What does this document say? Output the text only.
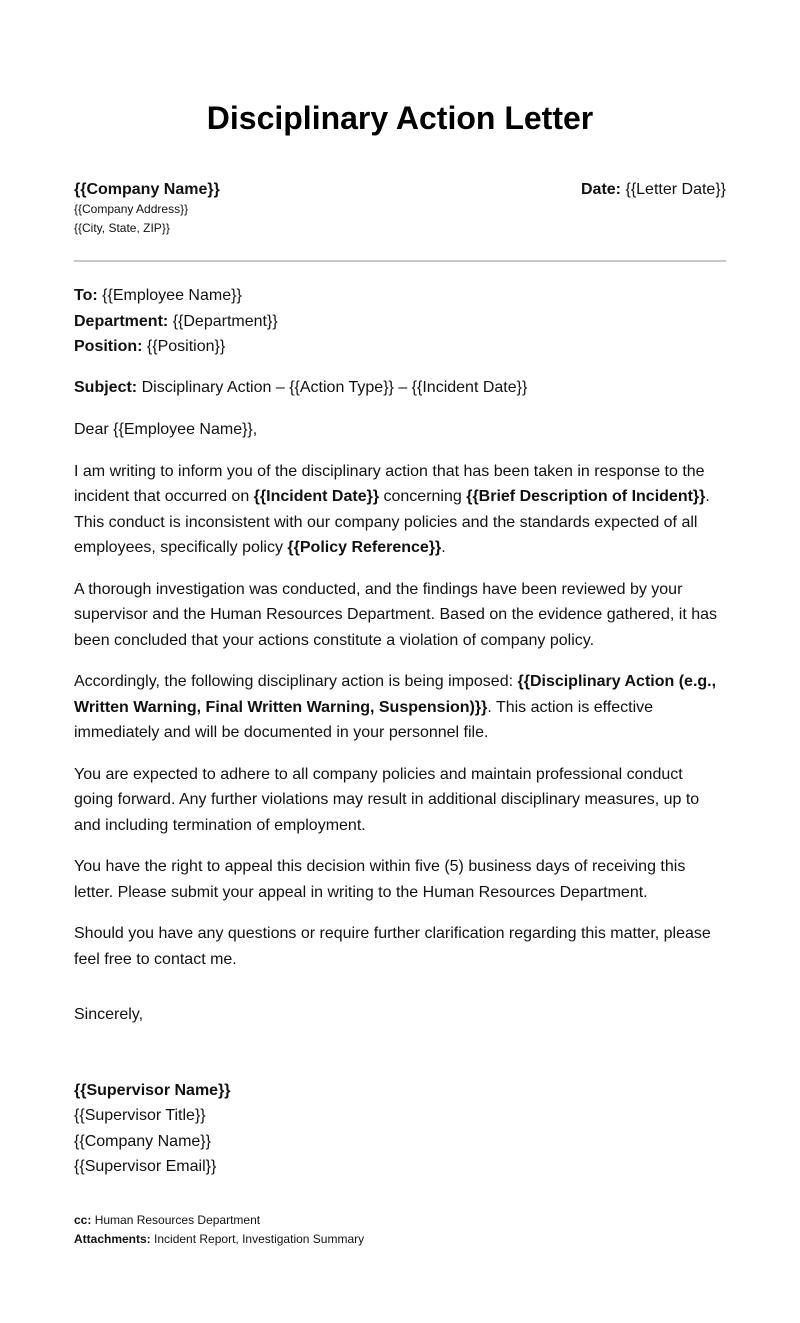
Disciplinary Action Letter
{{Company Name}}
{{Company Address}}
{{City, State, ZIP}}
Date: {{Letter Date}}

To: {{Employee Name}}

Department: {{Department}}

Position: {{Position}}

Subject: Disciplinary Action – {{Action Type}} – {{Incident Date}}

Dear {{Employee Name}},

I am writing to inform you of the disciplinary action that has been taken in response to the incident that occurred on {{Incident Date}} concerning {{Brief Description of Incident}}. This conduct is inconsistent with our company policies and the standards expected of all employees, specifically policy {{Policy Reference}}.

A thorough investigation was conducted, and the findings have been reviewed by your supervisor and the Human Resources Department. Based on the evidence gathered, it has been concluded that your actions constitute a violation of company policy.

Accordingly, the following disciplinary action is being imposed: {{Disciplinary Action (e.g., Written Warning, Final Written Warning, Suspension)}}. This action is effective immediately and will be documented in your personnel file.

You are expected to adhere to all company policies and maintain professional conduct going forward. Any further violations may result in additional disciplinary measures, up to and including termination of employment.

You have the right to appeal this decision within five (5) business days of receiving this letter. Please submit your appeal in writing to the Human Resources Department.

Should you have any questions or require further clarification regarding this matter, please feel free to contact me.

Sincerely,

{{Supervisor Name}}

{{Supervisor Title}}

{{Company Name}}

{{Supervisor Email}}

cc: Human Resources Department
Attachments: Incident Report, Investigation Summary
